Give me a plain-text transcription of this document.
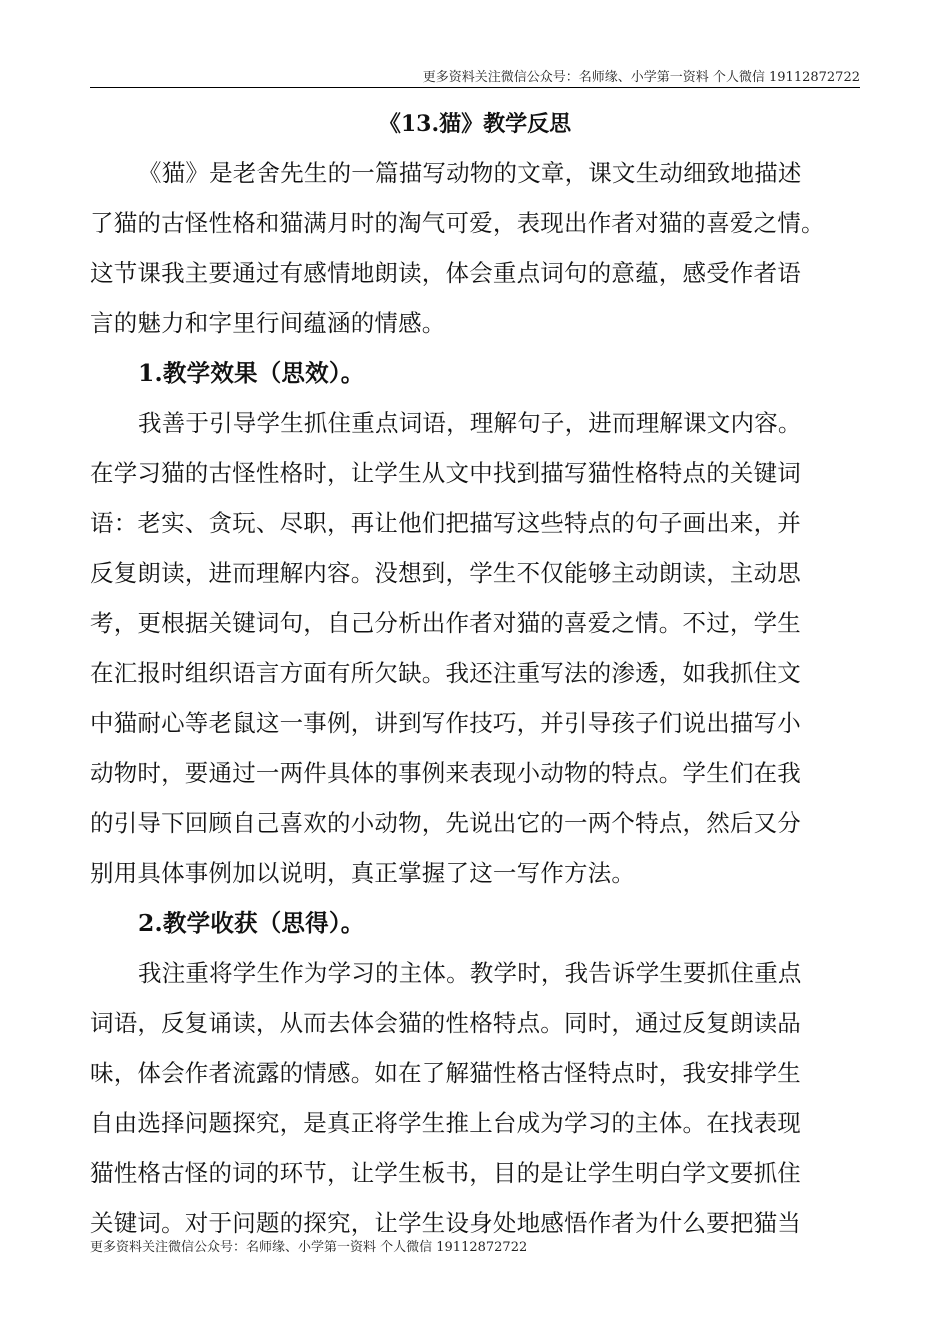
更多资料关注微信公众号：名师缘、小学第一资料 个人微信 19112872722
《13.猫》教学反思
《猫》是老舍先生的一篇描写动物的文章，课文生动细致地描述
了猫的古怪性格和猫满月时的淘气可爱，表现出作者对猫的喜爱之情。
这节课我主要通过有感情地朗读，体会重点词句的意蕴，感受作者语
言的魅力和字里行间蕴涵的情感。
1.教学效果（思效）。
我善于引导学生抓住重点词语，理解句子，进而理解课文内容。
在学习猫的古怪性格时，让学生从文中找到描写猫性格特点的关键词
语：老实、贪玩、尽职，再让他们把描写这些特点的句子画出来，并
反复朗读，进而理解内容。没想到，学生不仅能够主动朗读，主动思
考，更根据关键词句，自己分析出作者对猫的喜爱之情。不过，学生
在汇报时组织语言方面有所欠缺。我还注重写法的渗透，如我抓住文
中猫耐心等老鼠这一事例，讲到写作技巧，并引导孩子们说出描写小
动物时，要通过一两件具体的事例来表现小动物的特点。学生们在我
的引导下回顾自己喜欢的小动物，先说出它的一两个特点，然后又分
别用具体事例加以说明，真正掌握了这一写作方法。
2.教学收获（思得）。
我注重将学生作为学习的主体。教学时，我告诉学生要抓住重点
词语，反复诵读，从而去体会猫的性格特点。同时，通过反复朗读品
味，体会作者流露的情感。如在了解猫性格古怪特点时，我安排学生
自由选择问题探究，是真正将学生推上台成为学习的主体。在找表现
猫性格古怪的词的环节，让学生板书，目的是让学生明白学文要抓住
关键词。对于问题的探究，让学生设身处地感悟作者为什么要把猫当
更多资料关注微信公众号：名师缘、小学第一资料 个人微信 19112872722
